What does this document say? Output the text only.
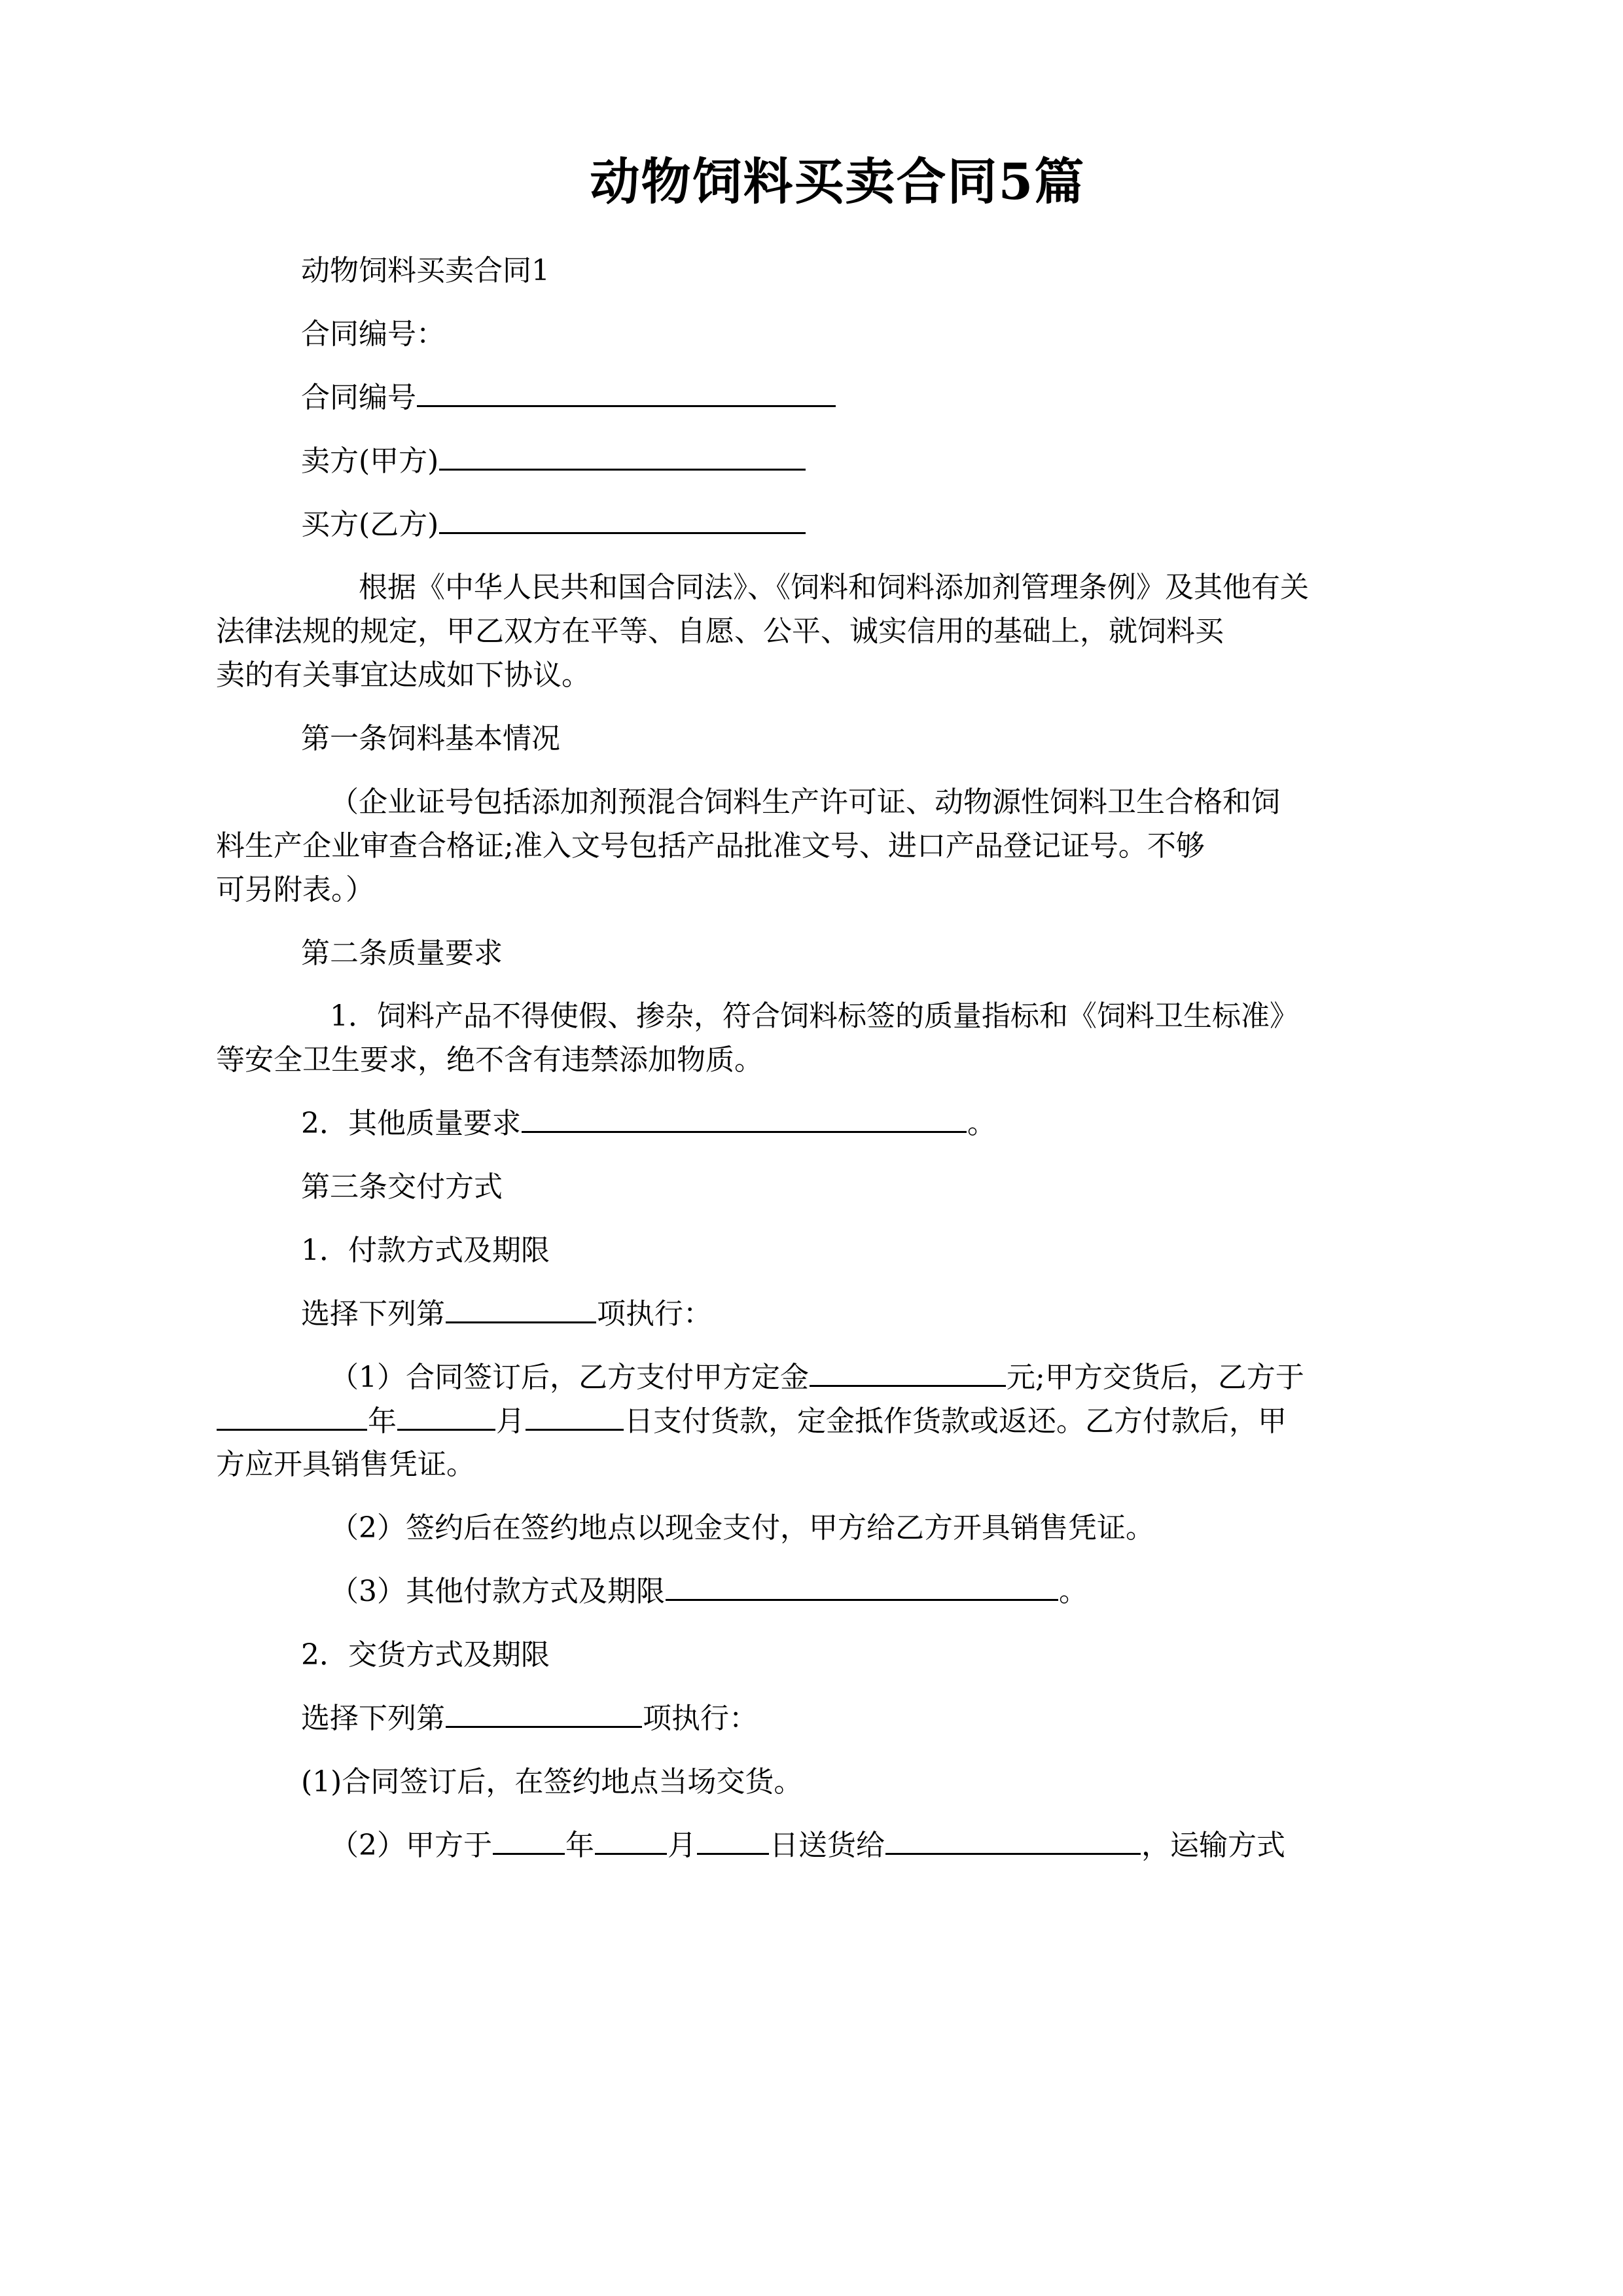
动物饲料买卖合同5篇

动物饲料买卖合同1

合同编号：

合同编号

卖方(甲方)

买方(乙方)

根据《中华人民共和国合同法》、《饲料和饲料添加剂管理条例》及其他有关

法律法规的规定，甲乙双方在平等、自愿、公平、诚实信用的基础上，就饲料买

卖的有关事宜达成如下协议。

第一条饲料基本情况

（企业证号包括添加剂预混合饲料生产许可证、动物源性饲料卫生合格和饲

料生产企业审查合格证;准入文号包括产品批准文号、进口产品登记证号。不够

可另附表。）

第二条质量要求

1．饲料产品不得使假、掺杂，符合饲料标签的质量指标和《饲料卫生标准》

等安全卫生要求，绝不含有违禁添加物质。

2．其他质量要求	。

第三条交付方式

1．付款方式及期限

选择下列第	项执行：

（1）合同签订后，乙方支付甲方定金	元;甲方交货后，乙方于

年	月	日支付货款，定金抵作货款或返还。乙方付款后，甲

方应开具销售凭证。

（2）签约后在签约地点以现金支付，甲方给乙方开具销售凭证。

（3）其他付款方式及期限	。

2．交货方式及期限

选择下列第	项执行：

(1)合同签订后，在签约地点当场交货。

（2）甲方于	年	月	日送货给	，运输方式
